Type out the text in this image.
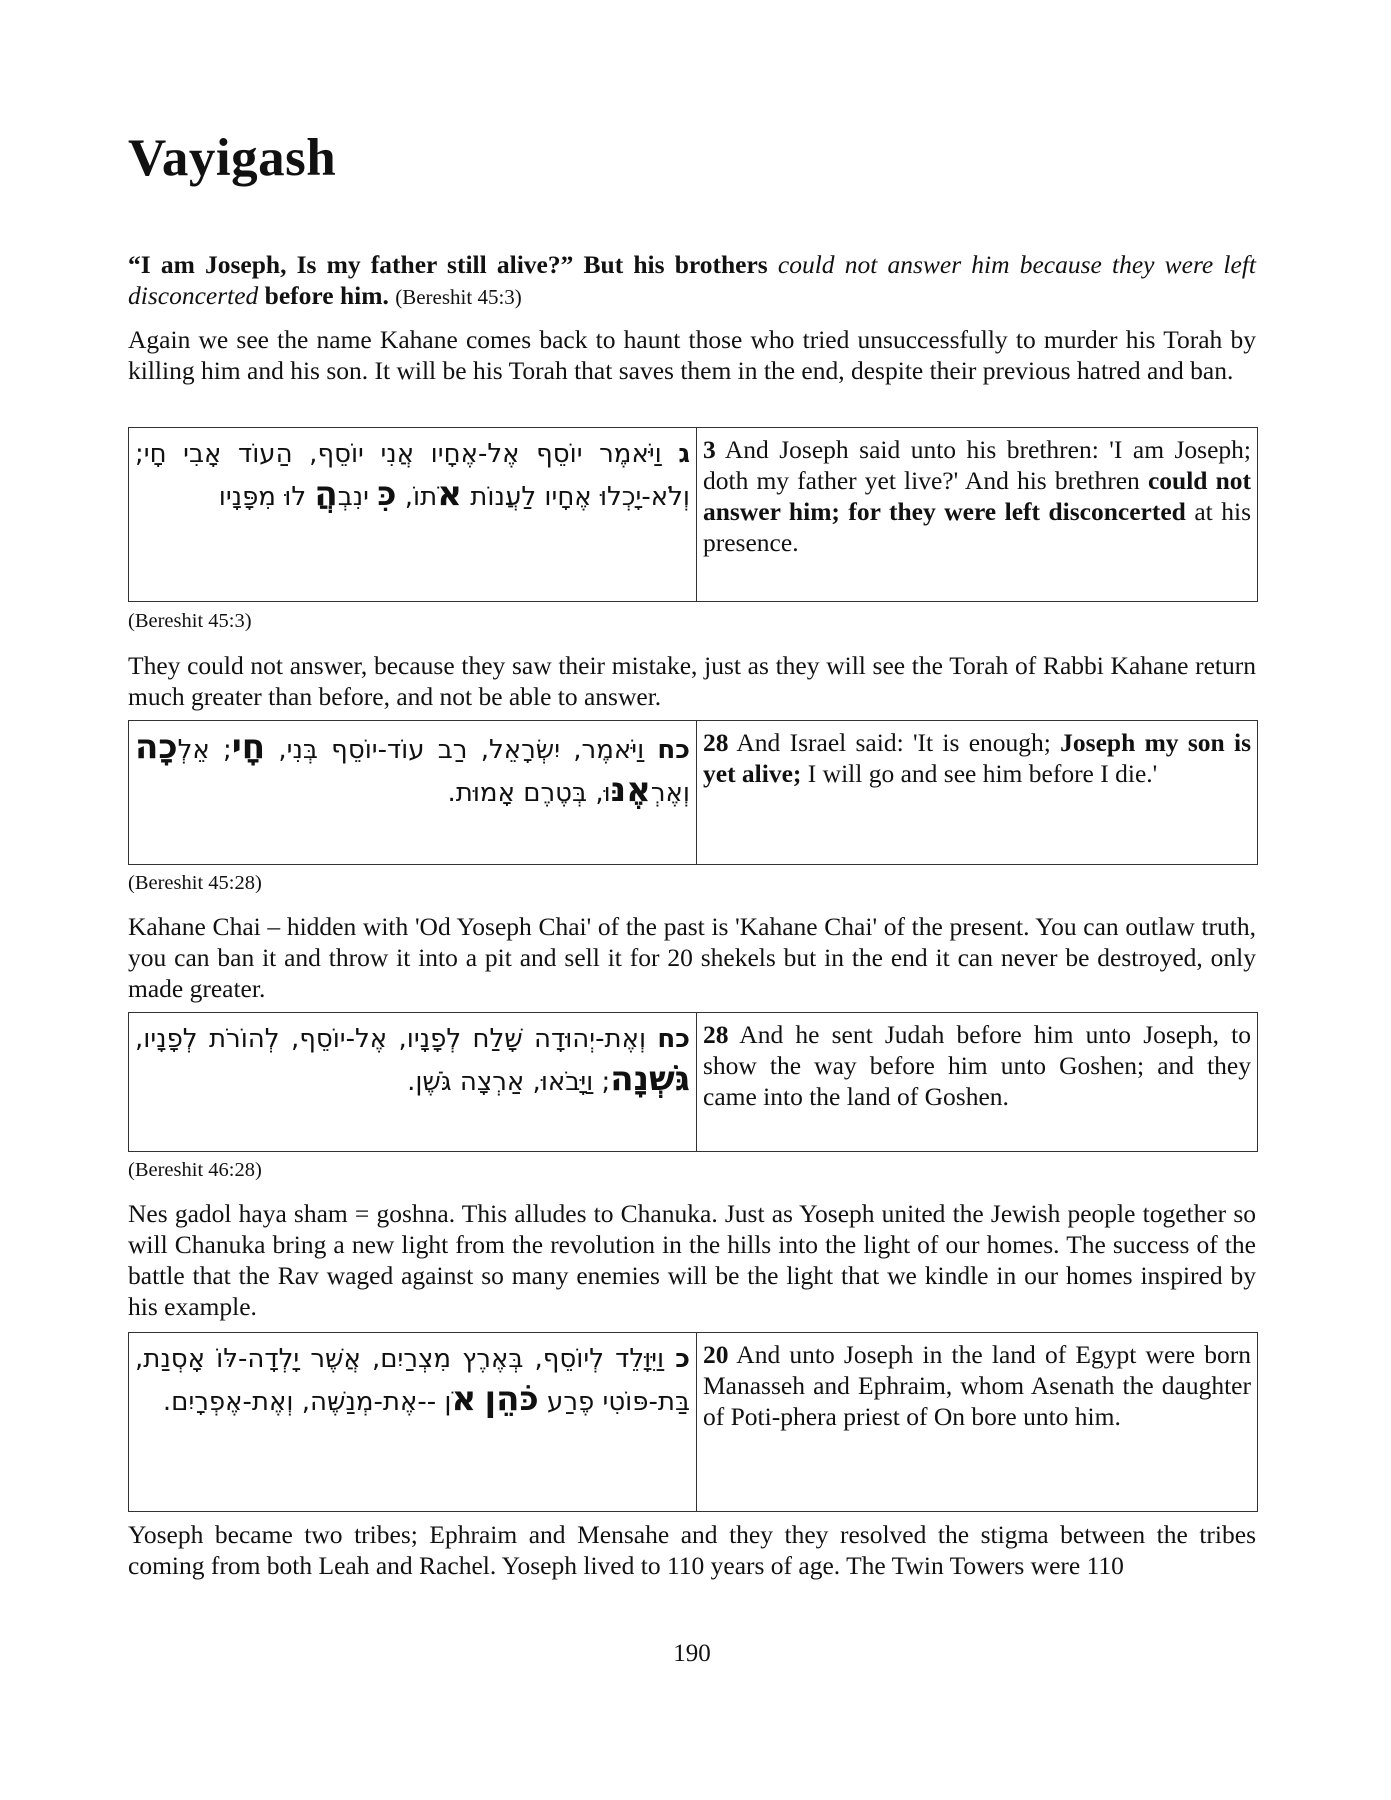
Vayigash

“I am Joseph, Is my father still alive?” But his brothers could not answer him because they were left disconcerted before him. (Bereshit 45:3)

Again we see the name Kahane comes back to haunt those who tried unsuccessfully to murder his Torah by killing him and his son. It will be his Torah that saves them in the end, despite their previous hatred and ban.

ג וַיֹּאמֶר יוֹסֵף אֶל-אֶחָיו אֲנִי יוֹסֵף, הַעוֹד אָבִי חָי; וְלֹא-יָכְלוּ אֶחָיו לַעֲנוֹת אֹתוֹ, כִּ ינִבְהֲ לוּ מִפָּנָיו	3 And Joseph said unto his brethren: 'I am Joseph; doth my father yet live?' And his brethren could not answer him; for they were left disconcerted at his presence.

(Bereshit 45:3)

They could not answer, because they saw their mistake, just as they will see the Torah of Rabbi Kahane return much greater than before, and not be able to answer.

כח וַיֹּאמֶר, יִשְׂרָאֵל, רַב עוֹד-יוֹסֵף בְּנִי, חָי; אֵלְכָה וְאֶרְאֶנּוּ, בְּטֶרֶם אָמוּת.	28 And Israel said: 'It is enough; Joseph my son is yet alive; I will go and see him before I die.'

(Bereshit 45:28)

Kahane Chai – hidden with 'Od Yoseph Chai' of the past is 'Kahane Chai' of the present. You can outlaw truth, you can ban it and throw it into a pit and sell it for 20 shekels but in the end it can never be destroyed, only made greater.

כח וְאֶת-יְהוּדָה שָׁלַח לְפָנָיו, אֶל-יוֹסֵף, לְהוֹרֹת לְפָנָיו, גֹּשְׁנָה; וַיָּבֹאוּ, אַרְצָה גֹּשֶׁן.	28 And he sent Judah before him unto Joseph, to show the way before him unto Goshen; and they came into the land of Goshen.

(Bereshit 46:28)

Nes gadol haya sham = goshna. This alludes to Chanuka. Just as Yoseph united the Jewish people together so will Chanuka bring a new light from the revolution in the hills into the light of our homes. The success of the battle that the Rav waged against so many enemies will be the light that we kindle in our homes inspired by his example.

כ וַיִּוָּלֵד לְיוֹסֵף, בְּאֶרֶץ מִצְרַיִם, אֲשֶׁר יָלְדָה-לּוֹ אָסְנַת, בַּת-פּוֹטִי פֶרַע כֹּהֵן אֹן --אֶת-מְנַשֶּׁה, וְאֶת-אֶפְרָיִם.	20 And unto Joseph in the land of Egypt were born Manasseh and Ephraim, whom Asenath the daughter of Poti-phera priest of On bore unto him.

Yoseph became two tribes; Ephraim and Mensahe and they they resolved the stigma between the tribes coming from both Leah and Rachel. Yoseph lived to 110 years of age. The Twin Towers were 110

190
